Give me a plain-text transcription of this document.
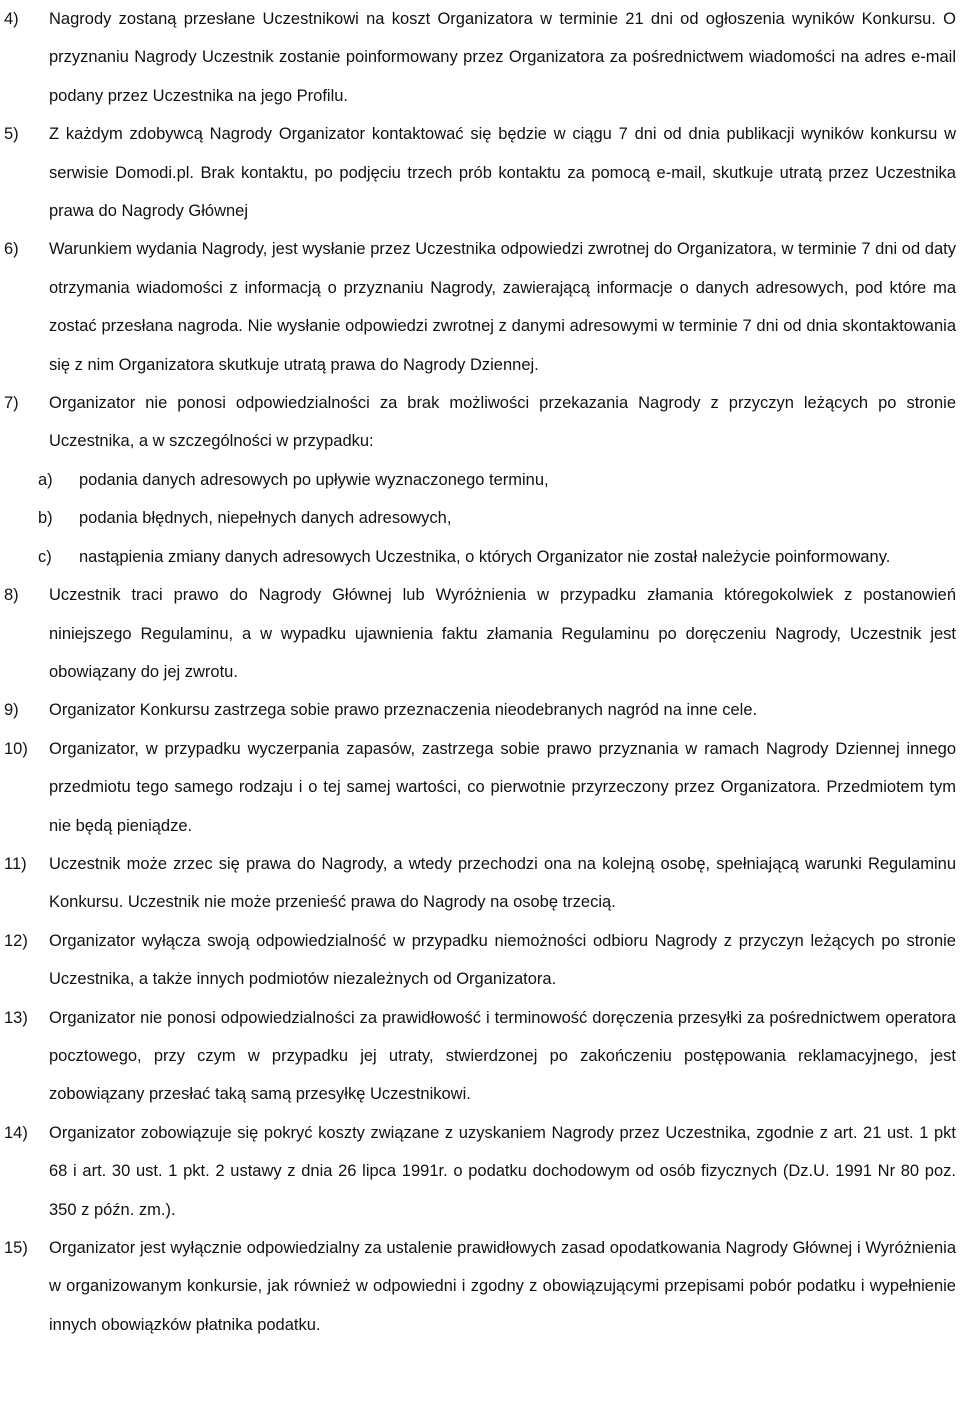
4) Nagrody zostaną przesłane Uczestnikowi na koszt Organizatora w terminie 21 dni od ogłoszenia wyników Konkursu. O przyznaniu Nagrody Uczestnik zostanie poinformowany przez Organizatora za pośrednictwem wiadomości na adres e-mail podany przez Uczestnika na jego Profilu.
5) Z każdym zdobywcą Nagrody Organizator kontaktować się będzie w ciągu 7 dni od dnia publikacji wyników konkursu w serwisie Domodi.pl. Brak kontaktu, po podjęciu trzech prób kontaktu za pomocą e-mail, skutkuje utratą przez Uczestnika prawa do Nagrody Głównej
6) Warunkiem wydania Nagrody, jest wysłanie przez Uczestnika odpowiedzi zwrotnej do Organizatora, w terminie 7 dni od daty otrzymania wiadomości z informacją o przyznaniu Nagrody, zawierającą informacje o danych adresowych, pod które ma zostać przesłana nagroda. Nie wysłanie odpowiedzi zwrotnej z danymi adresowymi w terminie 7 dni od dnia skontaktowania się z nim Organizatora skutkuje utratą prawa do Nagrody Dziennej.
7) Organizator nie ponosi odpowiedzialności za brak możliwości przekazania Nagrody z przyczyn leżących po stronie Uczestnika, a w szczególności w przypadku:
a) podania danych adresowych po upływie wyznaczonego terminu,
b) podania błędnych, niepełnych danych adresowych,
c) nastąpienia zmiany danych adresowych Uczestnika, o których Organizator nie został należycie poinformowany.
8) Uczestnik traci prawo do Nagrody Głównej lub Wyróżnienia w przypadku złamania któregokolwiek z postanowień niniejszego Regulaminu, a w wypadku ujawnienia faktu złamania Regulaminu po doręczeniu Nagrody, Uczestnik jest obowiązany do jej zwrotu.
9) Organizator Konkursu zastrzega sobie prawo przeznaczenia nieodebranych nagród na inne cele.
10) Organizator, w przypadku wyczerpania zapasów, zastrzega sobie prawo przyznania w ramach Nagrody Dziennej innego przedmiotu tego samego rodzaju i o tej samej wartości, co pierwotnie przyrzeczony przez Organizatora. Przedmiotem tym nie będą pieniądze.
11) Uczestnik może zrzec się prawa do Nagrody, a wtedy przechodzi ona na kolejną osobę, spełniającą warunki Regulaminu Konkursu. Uczestnik nie może przenieść prawa do Nagrody na osobę trzecią.
12) Organizator wyłącza swoją odpowiedzialność w przypadku niemożności odbioru Nagrody z przyczyn leżących po stronie Uczestnika, a także innych podmiotów niezależnych od Organizatora.
13) Organizator nie ponosi odpowiedzialności za prawidłowość i terminowość doręczenia przesyłki za pośrednictwem operatora pocztowego, przy czym w przypadku jej utraty, stwierdzonej po zakończeniu postępowania reklamacyjnego, jest zobowiązany przesłać taką samą przesyłkę Uczestnikowi.
14) Organizator zobowiązuje się pokryć koszty związane z uzyskaniem Nagrody przez Uczestnika, zgodnie z art. 21 ust. 1 pkt 68 i art. 30 ust. 1 pkt. 2 ustawy z dnia 26 lipca 1991r. o podatku dochodowym od osób fizycznych (Dz.U. 1991 Nr 80 poz. 350 z późn. zm.).
15) Organizator jest wyłącznie odpowiedzialny za ustalenie prawidłowych zasad opodatkowania Nagrody Głównej i Wyróżnienia w organizowanym konkursie, jak również w odpowiedni i zgodny z obowiązującymi przepisami pobór podatku i wypełnienie innych obowiązków płatnika podatku.
